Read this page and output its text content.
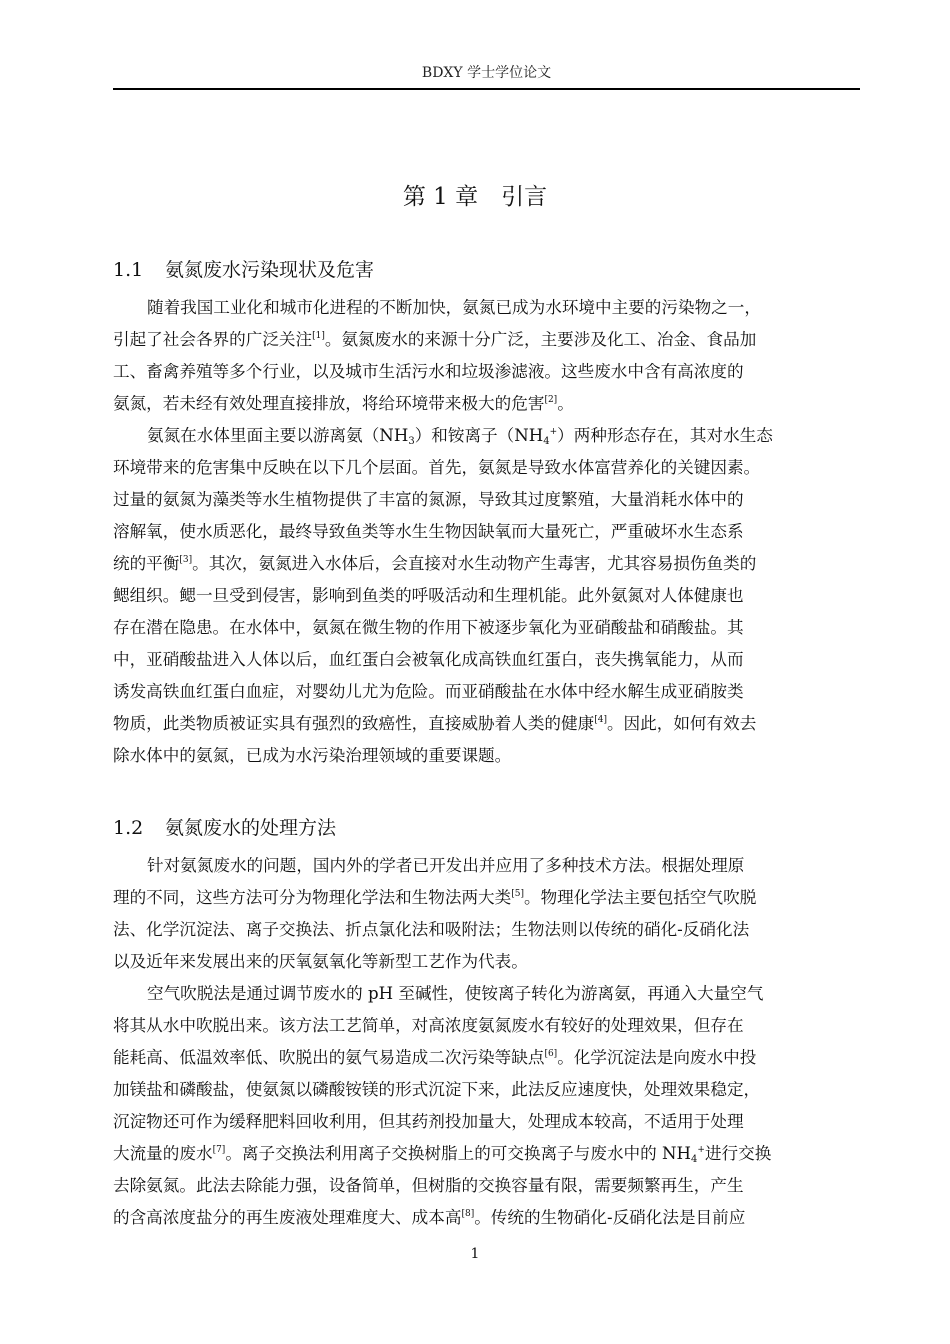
BDXY 学士学位论文
第 1 章　引言
1.1 氨氮废水污染现状及危害
随着我国工业化和城市化进程的不断加快，氨氮已成为水环境中主要的污染物之一，
引起了社会各界的广泛关注[1]。氨氮废水的来源十分广泛，主要涉及化工、冶金、食品加
工、畜禽养殖等多个行业，以及城市生活污水和垃圾渗滤液。这些废水中含有高浓度的
氨氮，若未经有效处理直接排放，将给环境带来极大的危害[2]。
氨氮在水体里面主要以游离氨$(NH_3)$和铵离子$(NH_4^+)$两种形态存在，其对水生态
环境带来的危害集中反映在以下几个层面。首先，氨氮是导致水体富营养化的关键因素。
过量的氨氮为藻类等水生植物提供了丰富的氮源，导致其过度繁殖，大量消耗水体中的
溶解氧，使水质恶化，最终导致鱼类等水生生物因缺氧而大量死亡，严重破坏水生态系
统的平衡[3]。其次，氨氮进入水体后，会直接对水生动物产生毒害，尤其容易损伤鱼类的
鳃组织。鳃一旦受到侵害，影响到鱼类的呼吸活动和生理机能。此外氨氮对人体健康也
存在潜在隐患。在水体中，氨氮在微生物的作用下被逐步氧化为亚硝酸盐和硝酸盐。其
中，亚硝酸盐进入人体以后，血红蛋白会被氧化成高铁血红蛋白，丧失携氧能力，从而
诱发高铁血红蛋白血症，对婴幼儿尤为危险。而亚硝酸盐在水体中经水解生成亚硝胺类
物质，此类物质被证实具有强烈的致癌性，直接威胁着人类的健康[4]。因此，如何有效去
除水体中的氨氮，已成为水污染治理领域的重要课题。
1.2 氨氮废水的处理方法
针对氨氮废水的问题，国内外的学者已开发出并应用了多种技术方法。根据处理原
理的不同，这些方法可分为物理化学法和生物法两大类[5]。物理化学法主要包括空气吹脱
法、化学沉淀法、离子交换法、折点氯化法和吸附法；生物法则以传统的硝化-反硝化法
以及近年来发展出来的厌氧氨氧化等新型工艺作为代表。
空气吹脱法是通过调节废水的 pH 至碱性，使铵离子转化为游离氨，再通入大量空气
将其从水中吹脱出来。该方法工艺简单，对高浓度氨氮废水有较好的处理效果，但存在
能耗高、低温效率低、吹脱出的氨气易造成二次污染等缺点[6]。化学沉淀法是向废水中投
加镁盐和磷酸盐，使氨氮以磷酸铵镁的形式沉淀下来，此法反应速度快，处理效果稳定，
沉淀物还可作为缓释肥料回收利用，但其药剂投加量大，处理成本较高，不适用于处理
大流量的废水[7]。离子交换法利用离子交换树脂上的可交换离子与废水中的 $NH_4^+$进行交换
去除氨氮。此法去除能力强，设备简单，但树脂的交换容量有限，需要频繁再生，产生
的含高浓度盐分的再生废液处理难度大、成本高[8]。传统的生物硝化-反硝化法是目前应
1
